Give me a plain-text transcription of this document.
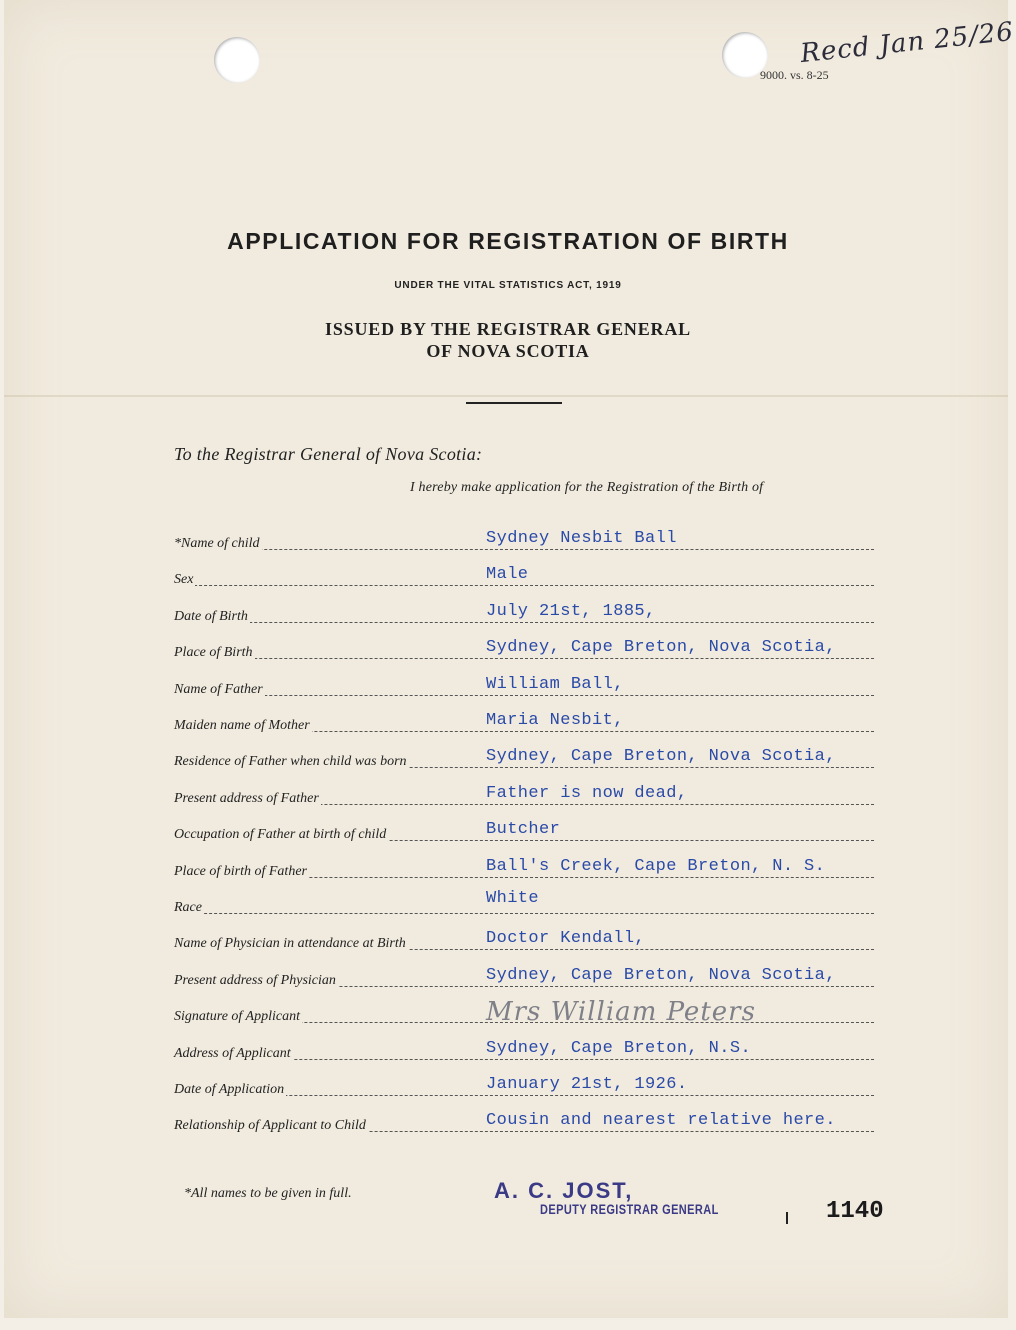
Recd Jan 25/26
9000. vs. 8-25
APPLICATION FOR REGISTRATION OF BIRTH
UNDER THE VITAL STATISTICS ACT, 1919
ISSUED BY THE REGISTRAR GENERAL
OF NOVA SCOTIA
To the Registrar General of Nova Scotia:
I hereby make application for the Registration of the Birth of
*Name of child	Sydney Nesbit Ball
Sex	Male
Date of Birth	July 21st, 1885,
Place of Birth	Sydney, Cape Breton, Nova Scotia,
Name of Father	William Ball,
Maiden name of Mother	Maria Nesbit,
Residence of Father when child was born	Sydney, Cape Breton, Nova Scotia,
Present address of Father	Father is now dead,
Occupation of Father at birth of child	Butcher
Place of birth of Father	Ball's Creek, Cape Breton, N. S.
Race	White
Name of Physician in attendance at Birth	Doctor Kendall,
Present address of Physician	Sydney, Cape Breton, Nova Scotia,
Signature of Applicant	Mrs William Peters
Address of Applicant	Sydney, Cape Breton, N.S.
Date of Application	January 21st, 1926.
Relationship of Applicant to Child	Cousin and nearest relative here.
*All names to be given in full.	A. C. JOST,
DEPUTY REGISTRAR GENERAL	1140
